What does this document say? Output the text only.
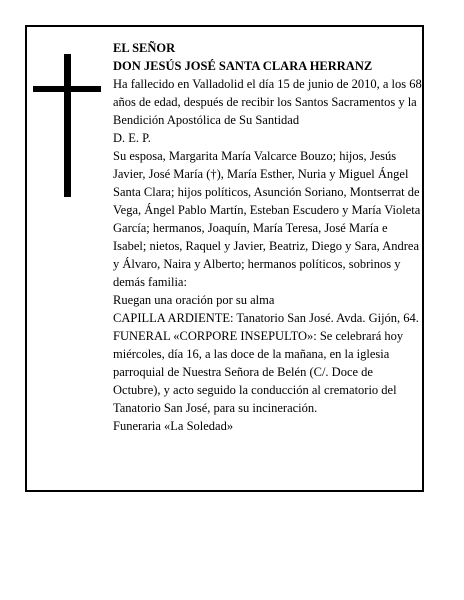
EL SEÑOR

DON JESÚS JOSÉ SANTA CLARA HERRANZ

Ha fallecido en Valladolid el día 15 de junio de 2010, a los 68 años de edad, después de recibir los Santos Sacramentos y la Bendición Apostólica de Su Santidad

D. E. P.

Su esposa, Margarita María Valcarce Bouzo; hijos, Jesús Javier, José María (†), María Esther, Nuria y Miguel Ángel Santa Clara; hijos políticos, Asunción Soriano, Montserrat de Vega, Ángel Pablo Martín, Esteban Escudero y María Violeta García; hermanos, Joaquín, María Teresa, José María e Isabel; nietos, Raquel y Javier, Beatriz, Diego y Sara, Andrea y Álvaro, Naira y Alberto; hermanos políticos, sobrinos y demás familia:

Ruegan una oración por su alma

CAPILLA ARDIENTE: Tanatorio San José. Avda. Gijón, 64.

FUNERAL «CORPORE INSEPULTO»: Se celebrará hoy miércoles, día 16, a las doce de la mañana, en la iglesia parroquial de Nuestra Señora de Belén (C/. Doce de Octubre), y acto seguido la conducción al crematorio del Tanatorio San José, para su incineración.

Funeraria «La Soledad»
